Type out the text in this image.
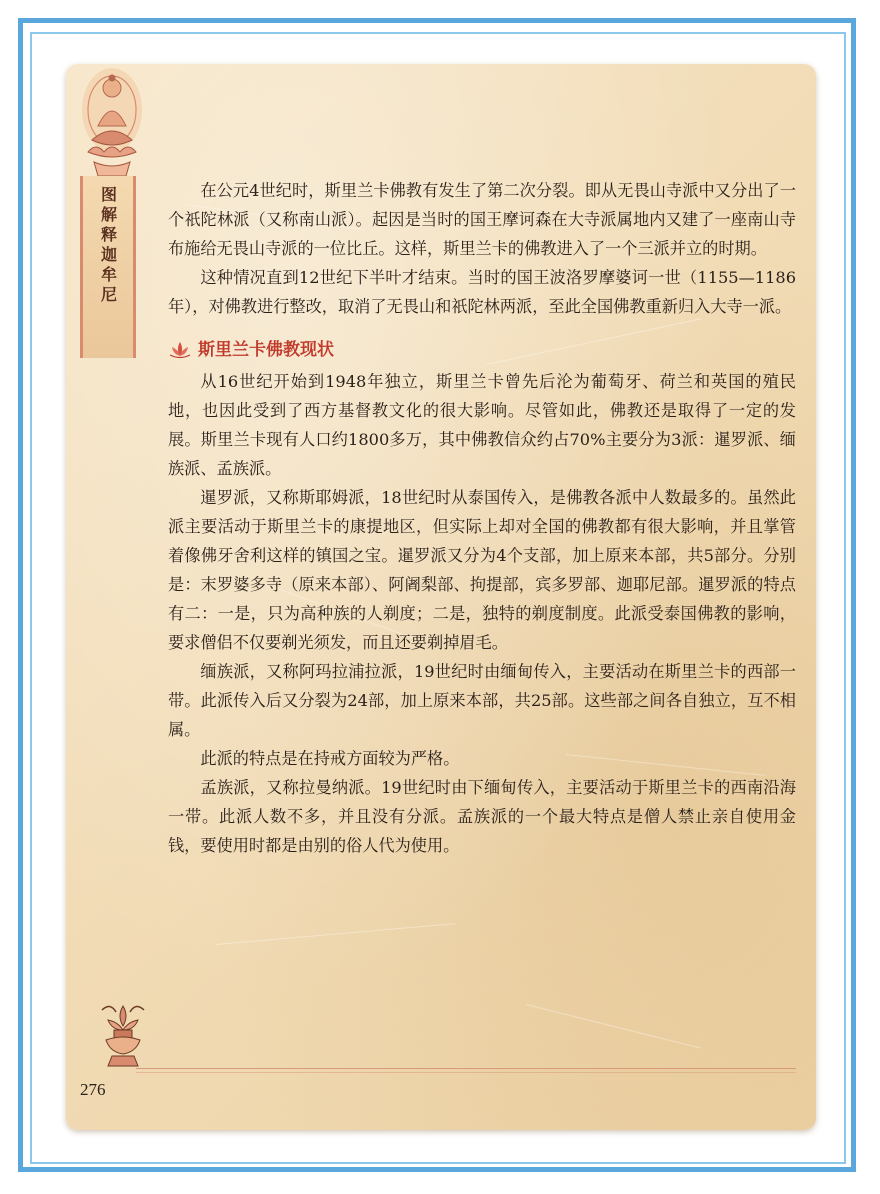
图解释迦牟尼	在公元4世纪时，斯里兰卡佛教有发生了第二次分裂。即从无畏山寺派中又分出了一个祇陀林派（又称南山派）。起因是当时的国王摩诃森在大寺派属地内又建了一座南山寺布施给无畏山寺派的一位比丘。这样，斯里兰卡的佛教进入了一个三派并立的时期。

这种情况直到12世纪下半叶才结束。当时的国王波洛罗摩婆诃一世（1155—1186年），对佛教进行整改，取消了无畏山和祇陀林两派，至此全国佛教重新归入大寺一派。

斯里兰卡佛教现状

从16世纪开始到1948年独立，斯里兰卡曾先后沦为葡萄牙、荷兰和英国的殖民地，也因此受到了西方基督教文化的很大影响。尽管如此，佛教还是取得了一定的发展。斯里兰卡现有人口约1800多万，其中佛教信众约占70%主要分为3派：暹罗派、缅族派、孟族派。

暹罗派，又称斯耶姆派，18世纪时从泰国传入，是佛教各派中人数最多的。虽然此派主要活动于斯里兰卡的康提地区，但实际上却对全国的佛教都有很大影响，并且掌管着像佛牙舍利这样的镇国之宝。暹罗派又分为4个支部，加上原来本部，共5部分。分别是：末罗婆多寺（原来本部）、阿阇梨部、拘提部，宾多罗部、迦耶尼部。暹罗派的特点有二：一是，只为高种族的人剃度；二是，独特的剃度制度。此派受泰国佛教的影响，要求僧侣不仅要剃光须发，而且还要剃掉眉毛。

缅族派，又称阿玛拉浦拉派，19世纪时由缅甸传入，主要活动在斯里兰卡的西部一带。此派传入后又分裂为24部，加上原来本部，共25部。这些部之间各自独立，互不相属。

此派的特点是在持戒方面较为严格。

孟族派，又称拉曼纳派。19世纪时由下缅甸传入，主要活动于斯里兰卡的西南沿海一带。此派人数不多，并且没有分派。孟族派的一个最大特点是僧人禁止亲自使用金钱，要使用时都是由别的俗人代为使用。

276
